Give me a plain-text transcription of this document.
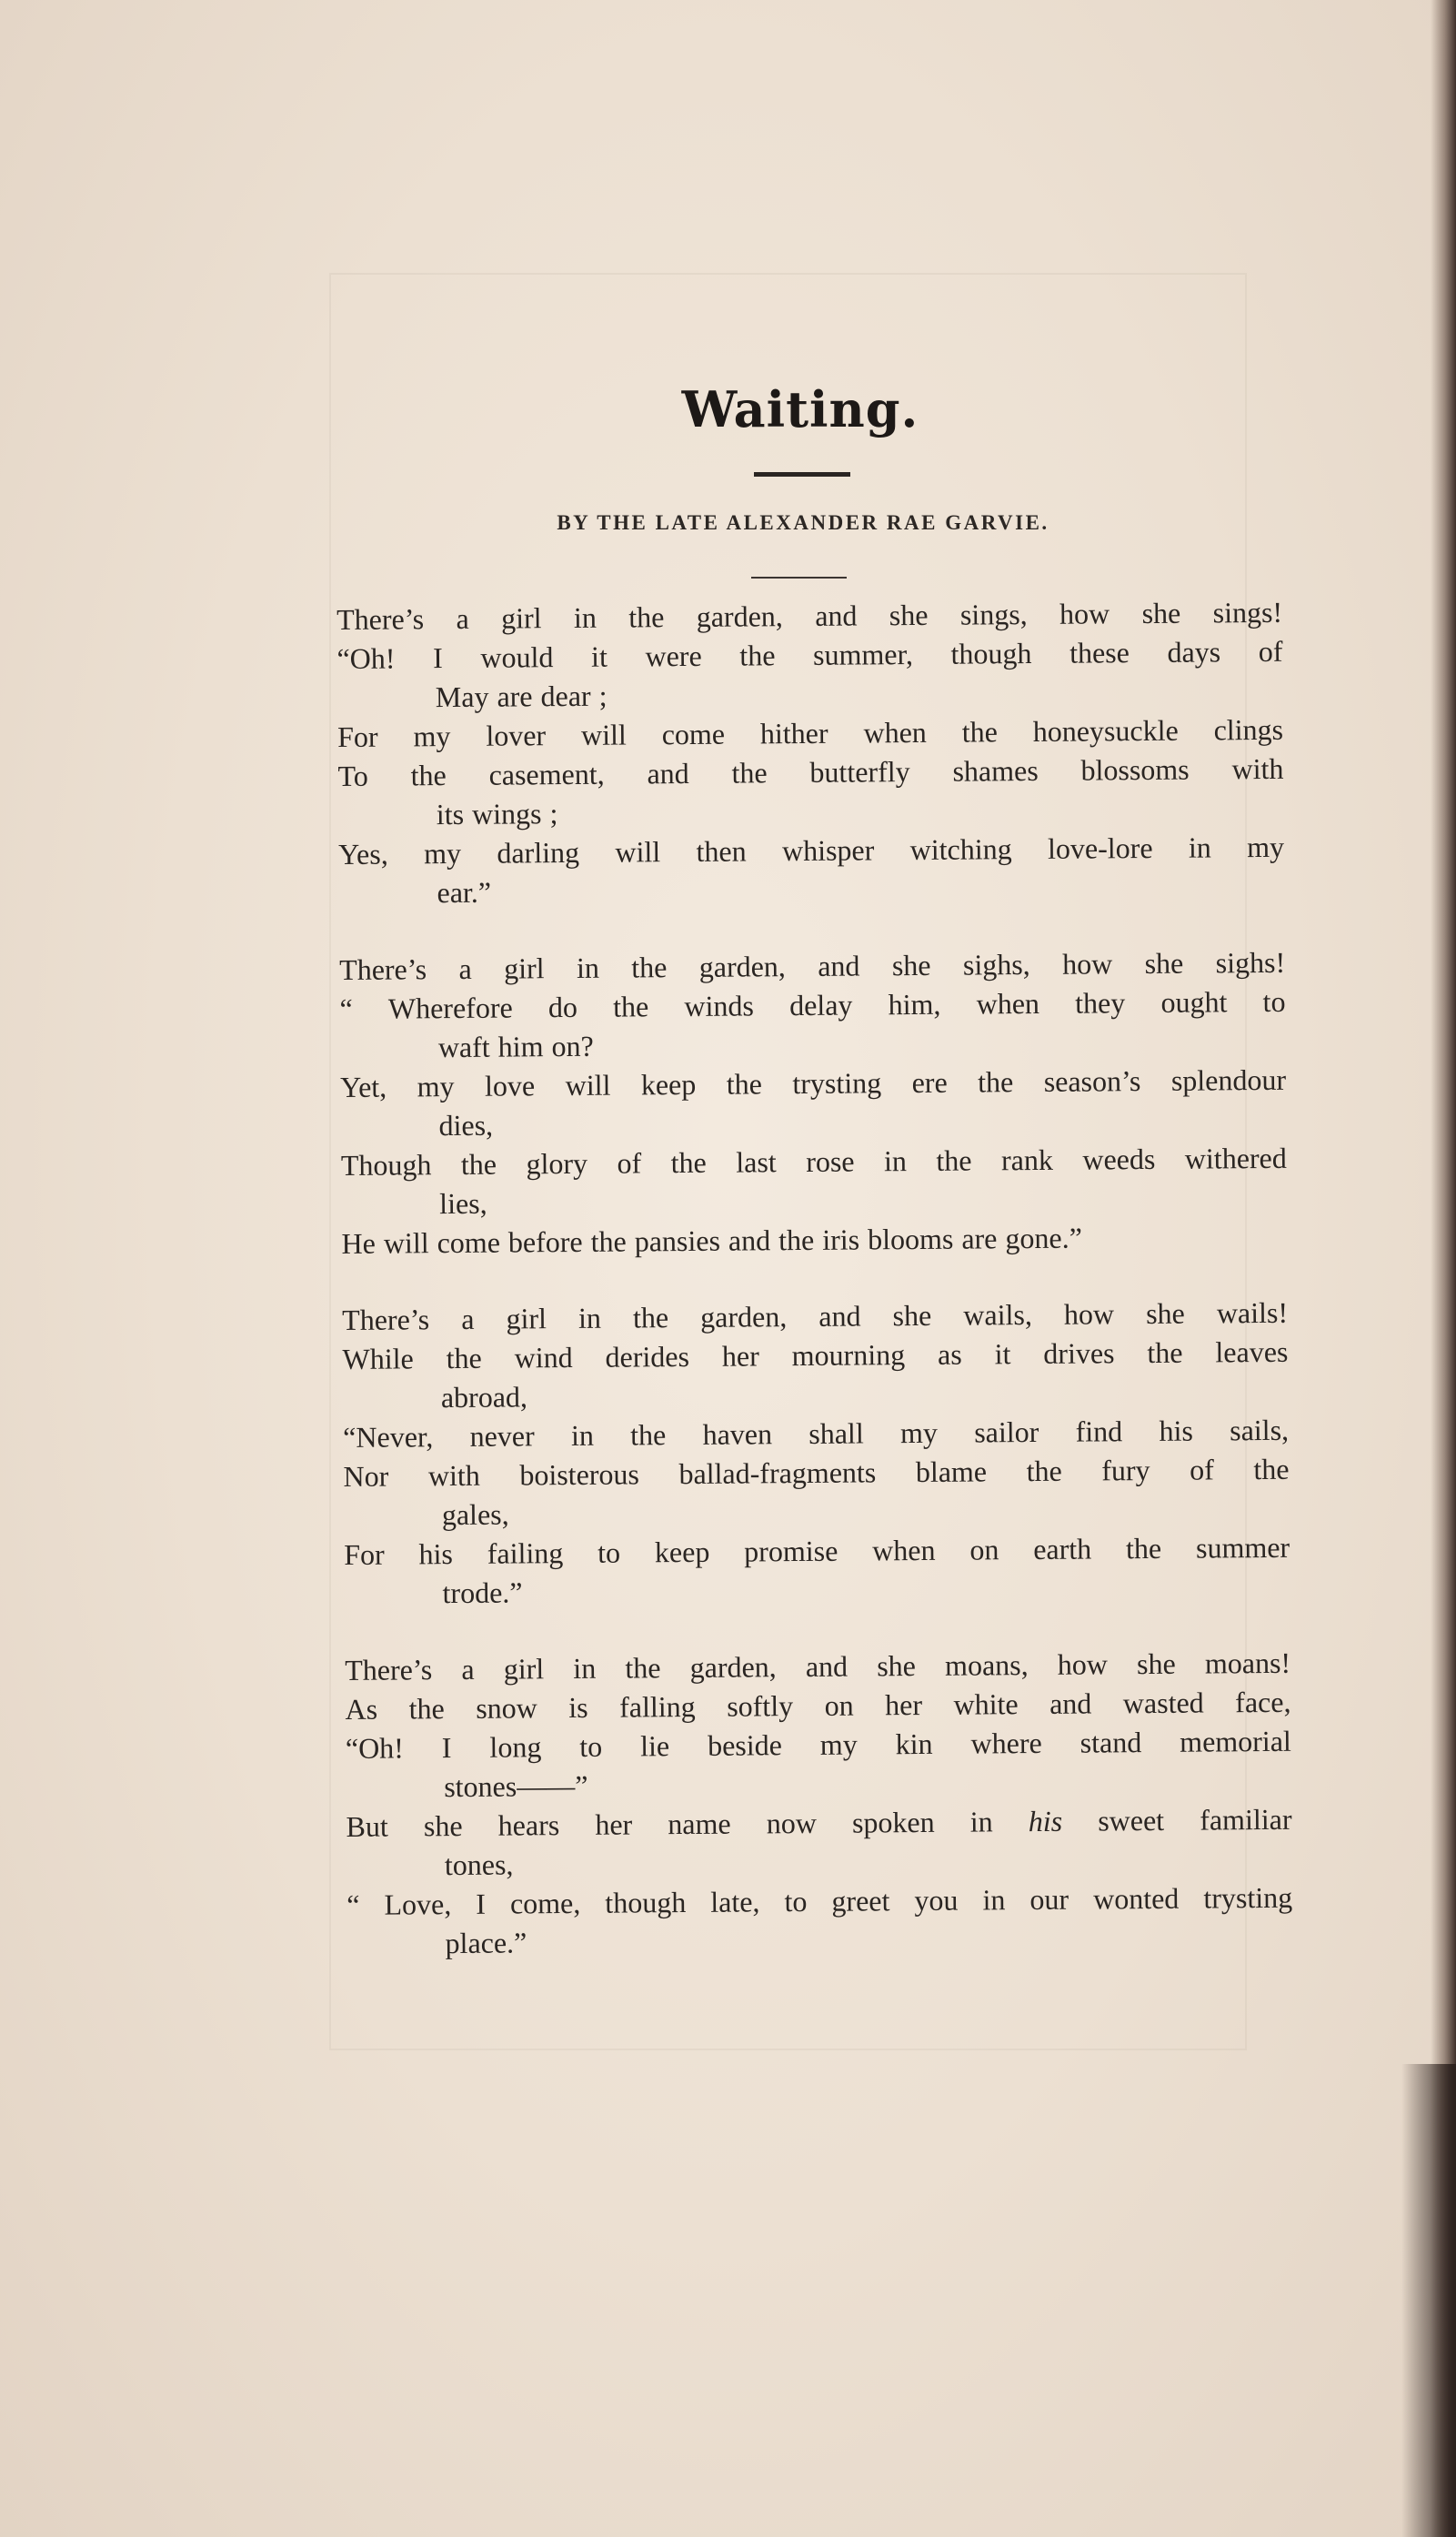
Waiting.
BY THE LATE ALEXANDER RAE GARVIE.
There’s a girl in the garden, and she sings, how she sings!
“Oh! I would it were the summer, though these days of
May are dear ;
For my lover will come hither when the honeysuckle clings
To the casement, and the butterfly shames blossoms with
its wings ;
Yes, my darling will then whisper witching love-lore in my
ear.”
There’s a girl in the garden, and she sighs, how she sighs!
“ Wherefore do the winds delay him, when they ought to
waft him on?
Yet, my love will keep the trysting ere the season’s splendour
dies,
Though the glory of the last rose in the rank weeds withered
lies,
He will come before the pansies and the iris blooms are gone.”
There’s a girl in the garden, and she wails, how she wails!
While the wind derides her mourning as it drives the leaves
abroad,
“Never, never in the haven shall my sailor find his sails,
Nor with boisterous ballad-fragments blame the fury of the
gales,
For his failing to keep promise when on earth the summer
trode.”
There’s a girl in the garden, and she moans, how she moans!
As the snow is falling softly on her white and wasted face,
“Oh! I long to lie beside my kin where stand memorial
stones——”
But she hears her name now spoken in his sweet familiar
tones,
“ Love, I come, though late, to greet you in our wonted trysting
place.”
